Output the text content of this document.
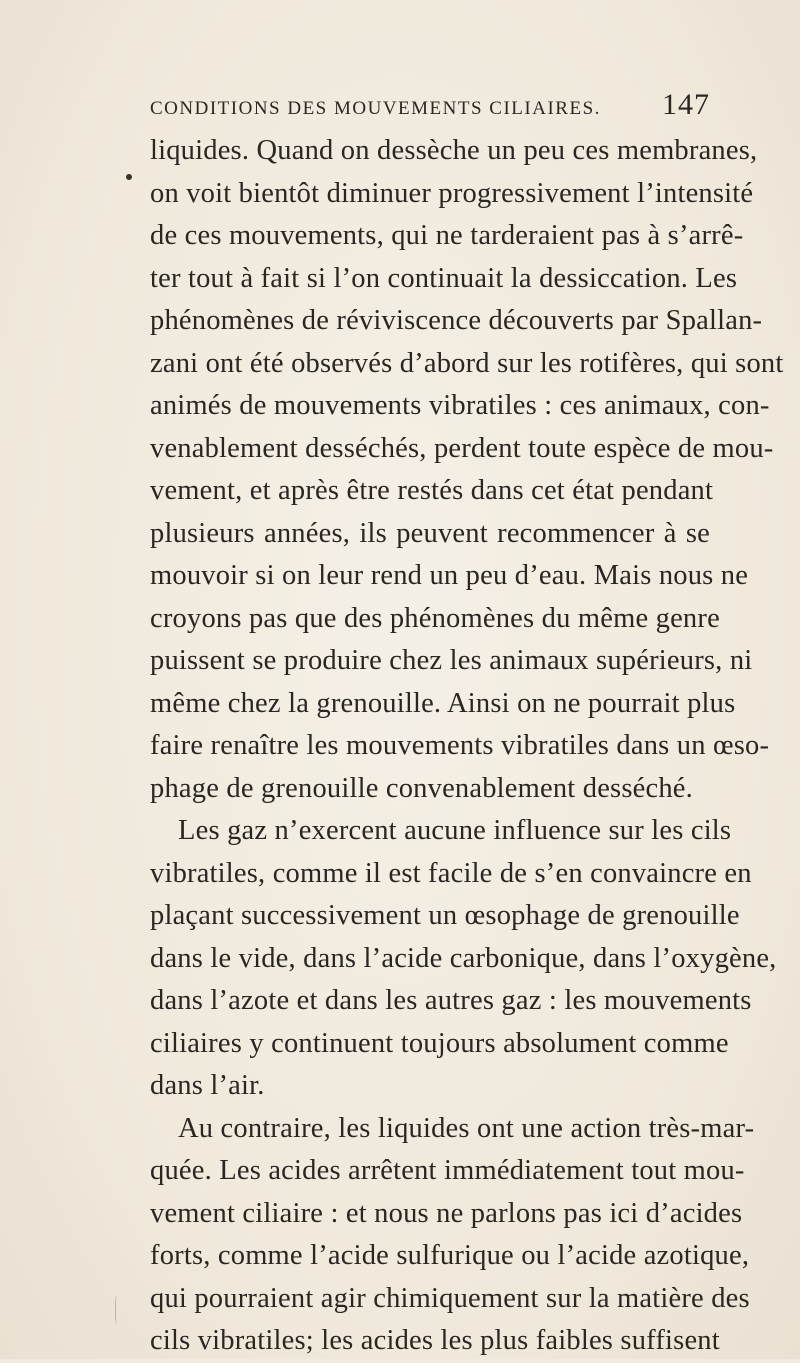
CONDITIONS DES MOUVEMENTS CILIAIRES. 147
liquides. Quand on dessèche un peu ces membranes,
on voit bientôt diminuer progressivement l’intensité
de ces mouvements, qui ne tarderaient pas à s’arrê-
ter tout à fait si l’on continuait la dessiccation. Les
phénomènes de réviviscence découverts par Spallan-
zani ont été observés d’abord sur les rotifères, qui sont
animés de mouvements vibratiles : ces animaux, con-
venablement desséchés, perdent toute espèce de mou-
vement, et après être restés dans cet état pendant
plusieurs années, ils peuvent recommencer à se
mouvoir si on leur rend un peu d’eau. Mais nous ne
croyons pas que des phénomènes du même genre
puissent se produire chez les animaux supérieurs, ni
même chez la grenouille. Ainsi on ne pourrait plus
faire renaître les mouvements vibratiles dans un œso-
phage de grenouille convenablement desséché.
Les gaz n’exercent aucune influence sur les cils
vibratiles, comme il est facile de s’en convaincre en
plaçant successivement un œsophage de grenouille
dans le vide, dans l’acide carbonique, dans l’oxygène,
dans l’azote et dans les autres gaz : les mouvements
ciliaires y continuent toujours absolument comme
dans l’air.
Au contraire, les liquides ont une action très-mar-
quée. Les acides arrêtent immédiatement tout mou-
vement ciliaire : et nous ne parlons pas ici d’acides
forts, comme l’acide sulfurique ou l’acide azotique,
qui pourraient agir chimiquement sur la matière des
cils vibratiles; les acides les plus faibles suffisent
